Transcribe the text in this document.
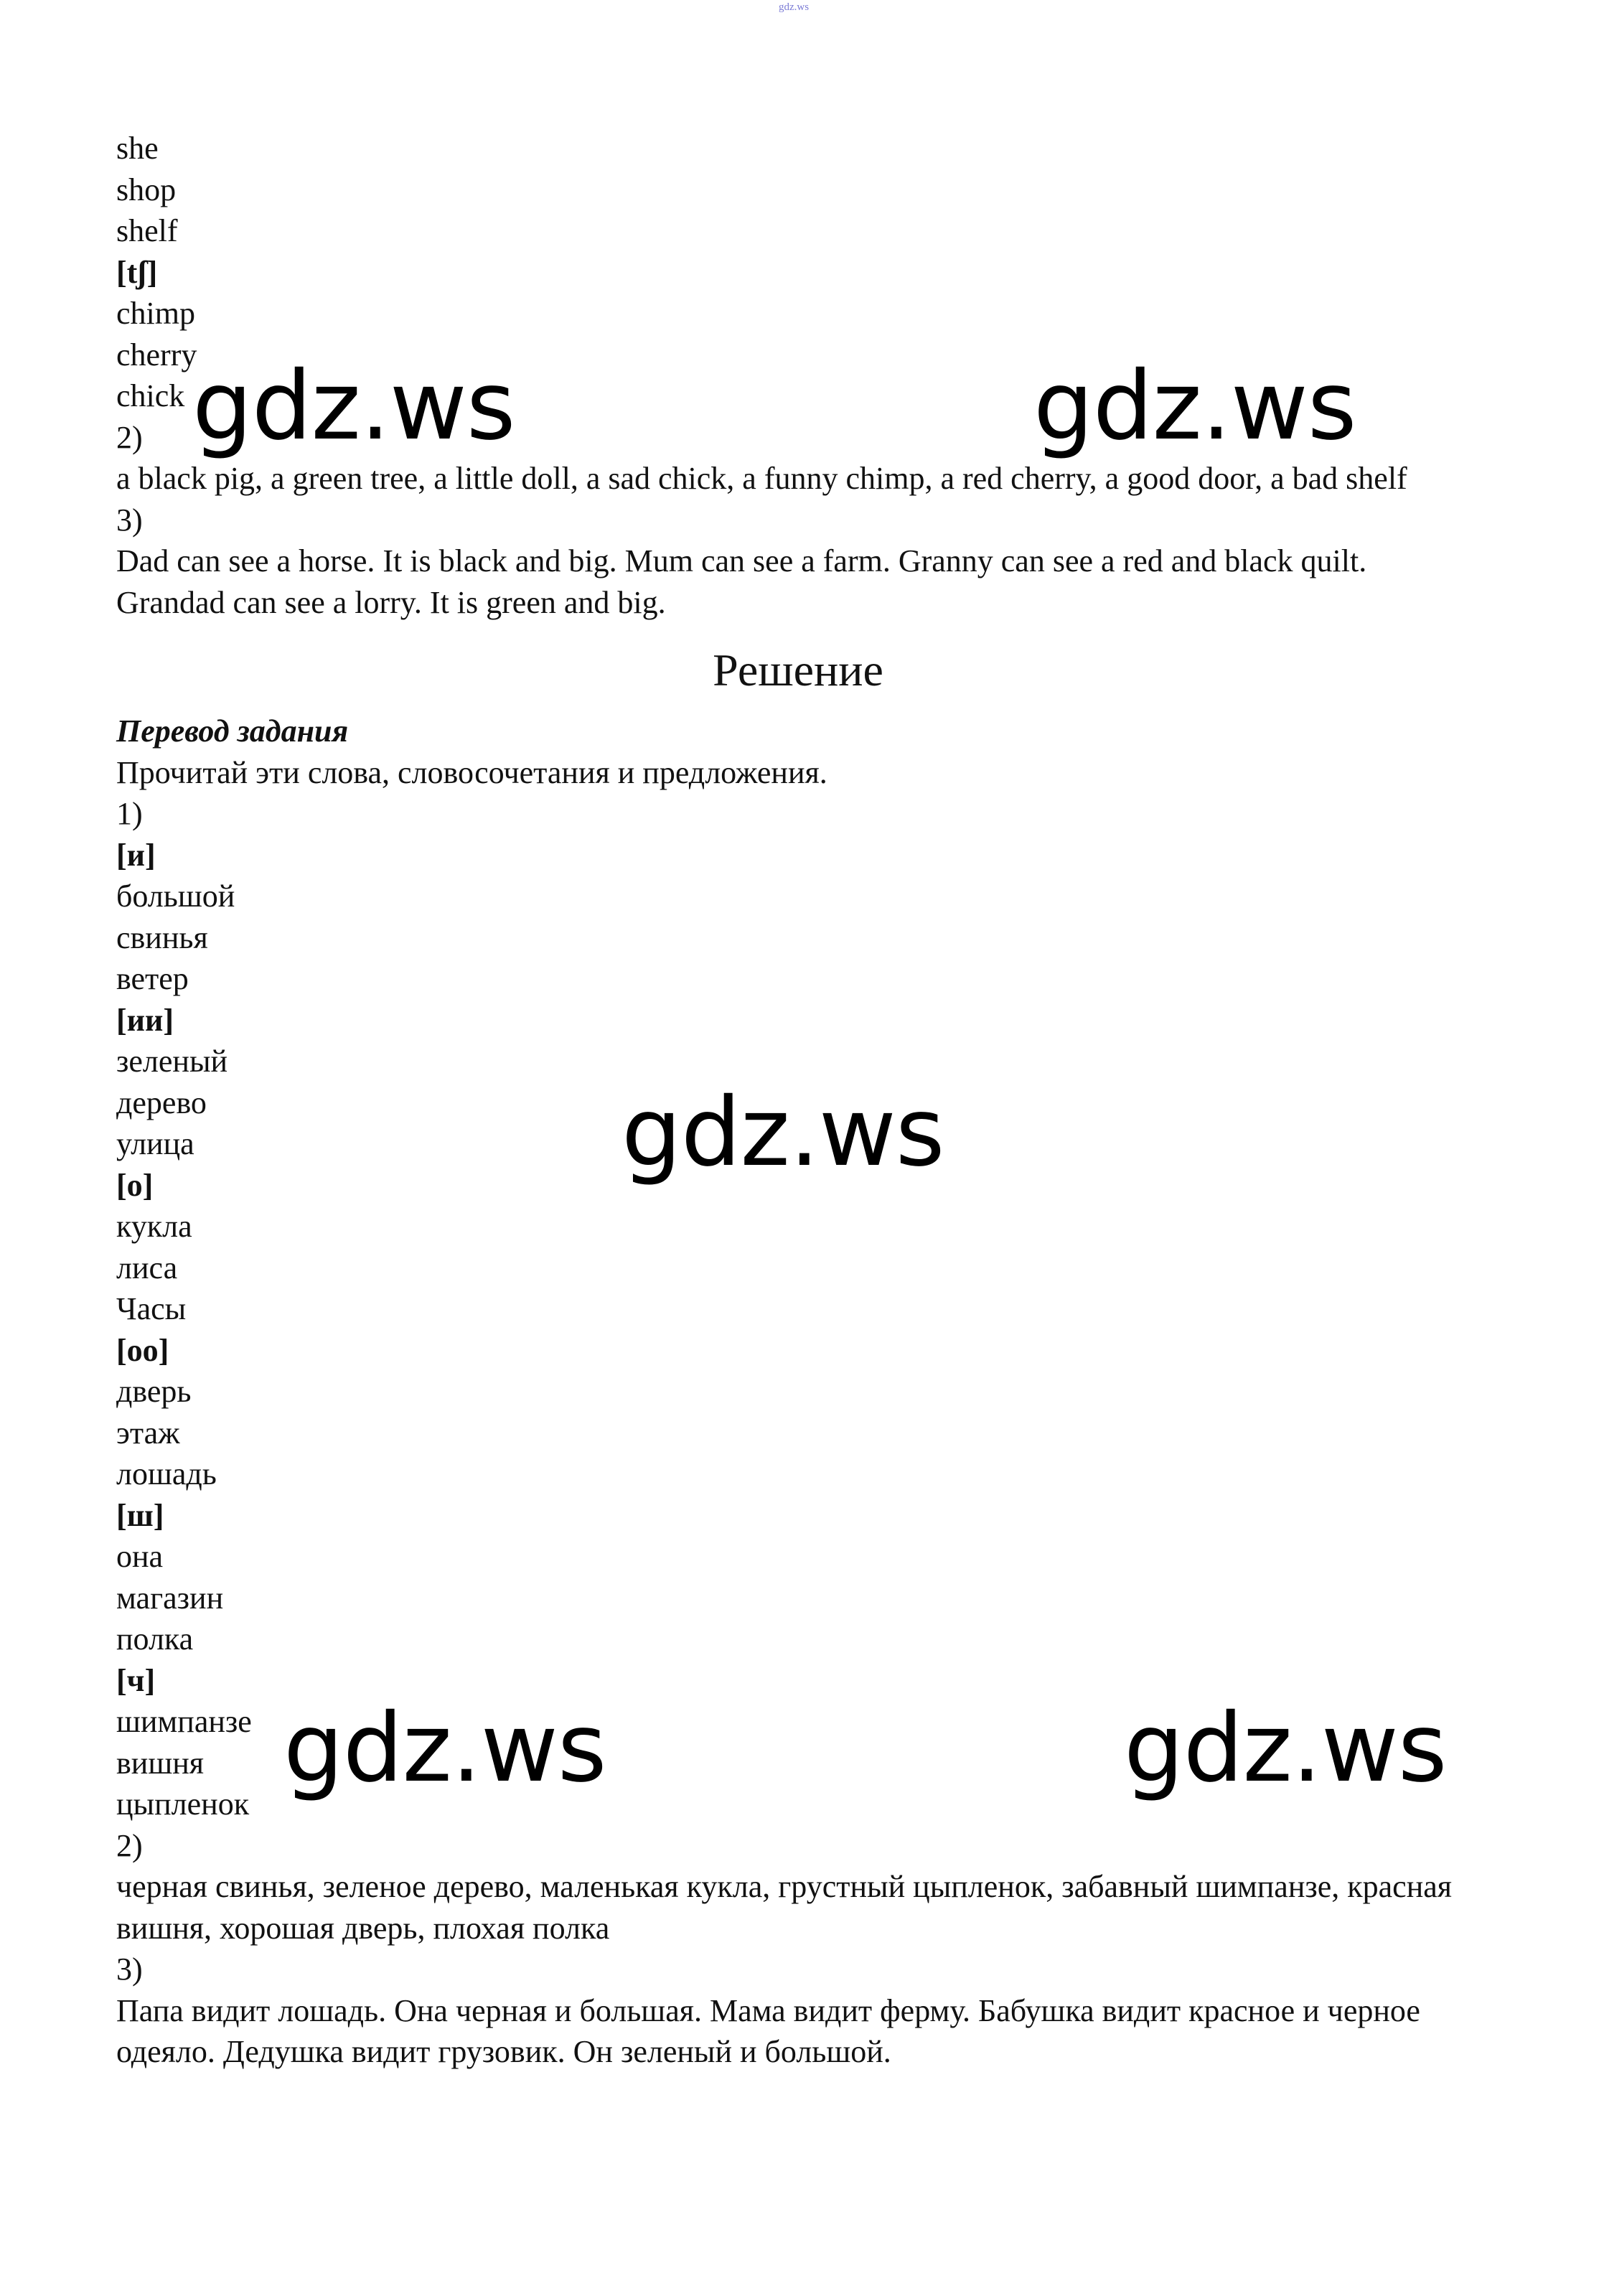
gdz.ws
she
shop
shelf
[tʃ]
chimp
cherry
chick
2)
a black pig, a green tree, a little doll, a sad chick, a funny chimp, a red cherry, a good door, a bad shelf
3)
Dad can see a horse. It is black and big. Mum can see a farm. Granny can see a red and black quilt. Grandad can see a lorry. It is green and big.
Решение
Перевод задания
Прочитай эти слова, словосочетания и предложения.
1)
[и]
большой
свинья
ветер
[ии]
зеленый
дерево
улица
[о]
кукла
лиса
Часы
[оо]
дверь
этаж
лошадь
[ш]
она
магазин
полка
[ч]
шимпанзе
вишня
цыпленок
2)
черная свинья, зеленое дерево, маленькая кукла, грустный цыпленок, забавный шимпанзе, красная вишня, хорошая дверь, плохая полка
3)
Папа видит лошадь. Она черная и большая. Мама видит ферму. Бабушка видит красное и черное одеяло. Дедушка видит грузовик. Он зеленый и большой.
gdz.ws	gdz.ws
gdz.ws
gdz.ws	gdz.ws
